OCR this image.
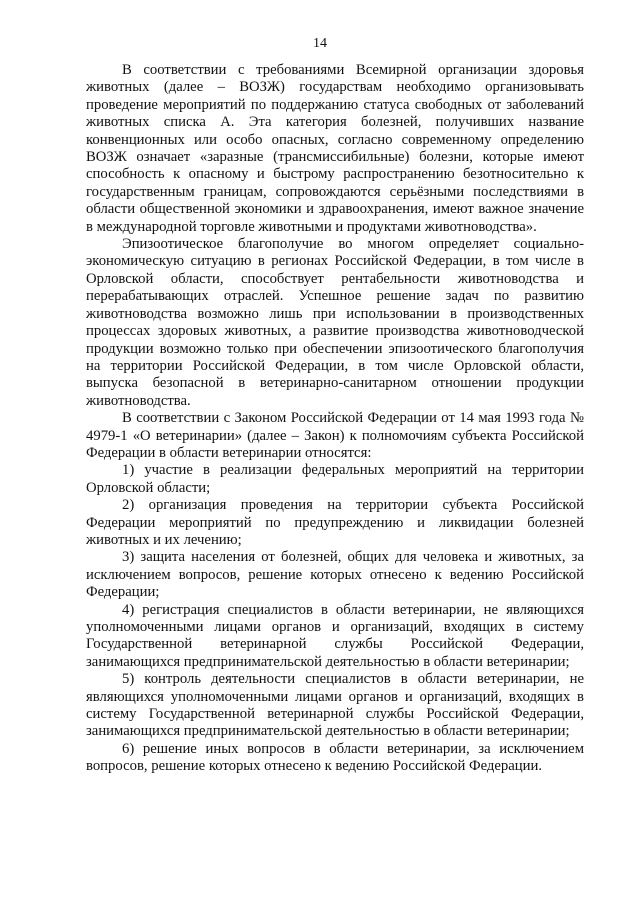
14

В соответствии с требованиями Всемирной организации здоровья животных (далее – ВОЗЖ) государствам необходимо организовывать проведение мероприятий по поддержанию статуса свободных от заболеваний животных списка А. Эта категория болезней, получивших название конвенционных или особо опасных, согласно современному определению ВОЗЖ означает «заразные (трансмиссибильные) болезни, которые имеют способность к опасному и быстрому распространению безотносительно к государственным границам, сопровождаются серьёзными последствиями в области общественной экономики и здравоохранения, имеют важное значение в международной торговле животными и продуктами животноводства».

Эпизоотическое благополучие во многом определяет социально-экономическую ситуацию в регионах Российской Федерации, в том числе в Орловской области, способствует рентабельности животноводства и перерабатывающих отраслей. Успешное решение задач по развитию животноводства возможно лишь при использовании в производственных процессах здоровых животных, а развитие производства животноводческой продукции возможно только при обеспечении эпизоотического благополучия на территории Российской Федерации, в том числе Орловской области, выпуска безопасной в ветеринарно-санитарном отношении продукции животноводства.

В соответствии с Законом Российской Федерации от 14 мая 1993 года № 4979-1 «О ветеринарии» (далее – Закон) к полномочиям субъекта Российской Федерации в области ветеринарии относятся:

1) участие в реализации федеральных мероприятий на территории Орловской области;

2) организация проведения на территории субъекта Российской Федерации мероприятий по предупреждению и ликвидации болезней животных и их лечению;

3) защита населения от болезней, общих для человека и животных, за исключением вопросов, решение которых отнесено к ведению Российской Федерации;

4) регистрация специалистов в области ветеринарии, не являющихся уполномоченными лицами органов и организаций, входящих в систему Государственной ветеринарной службы Российской Федерации, занимающихся предпринимательской деятельностью в области ветеринарии;

5) контроль деятельности специалистов в области ветеринарии, не являющихся уполномоченными лицами органов и организаций, входящих в систему Государственной ветеринарной службы Российской Федерации, занимающихся предпринимательской деятельностью в области ветеринарии;

6) решение иных вопросов в области ветеринарии, за исключением вопросов, решение которых отнесено к ведению Российской Федерации.
